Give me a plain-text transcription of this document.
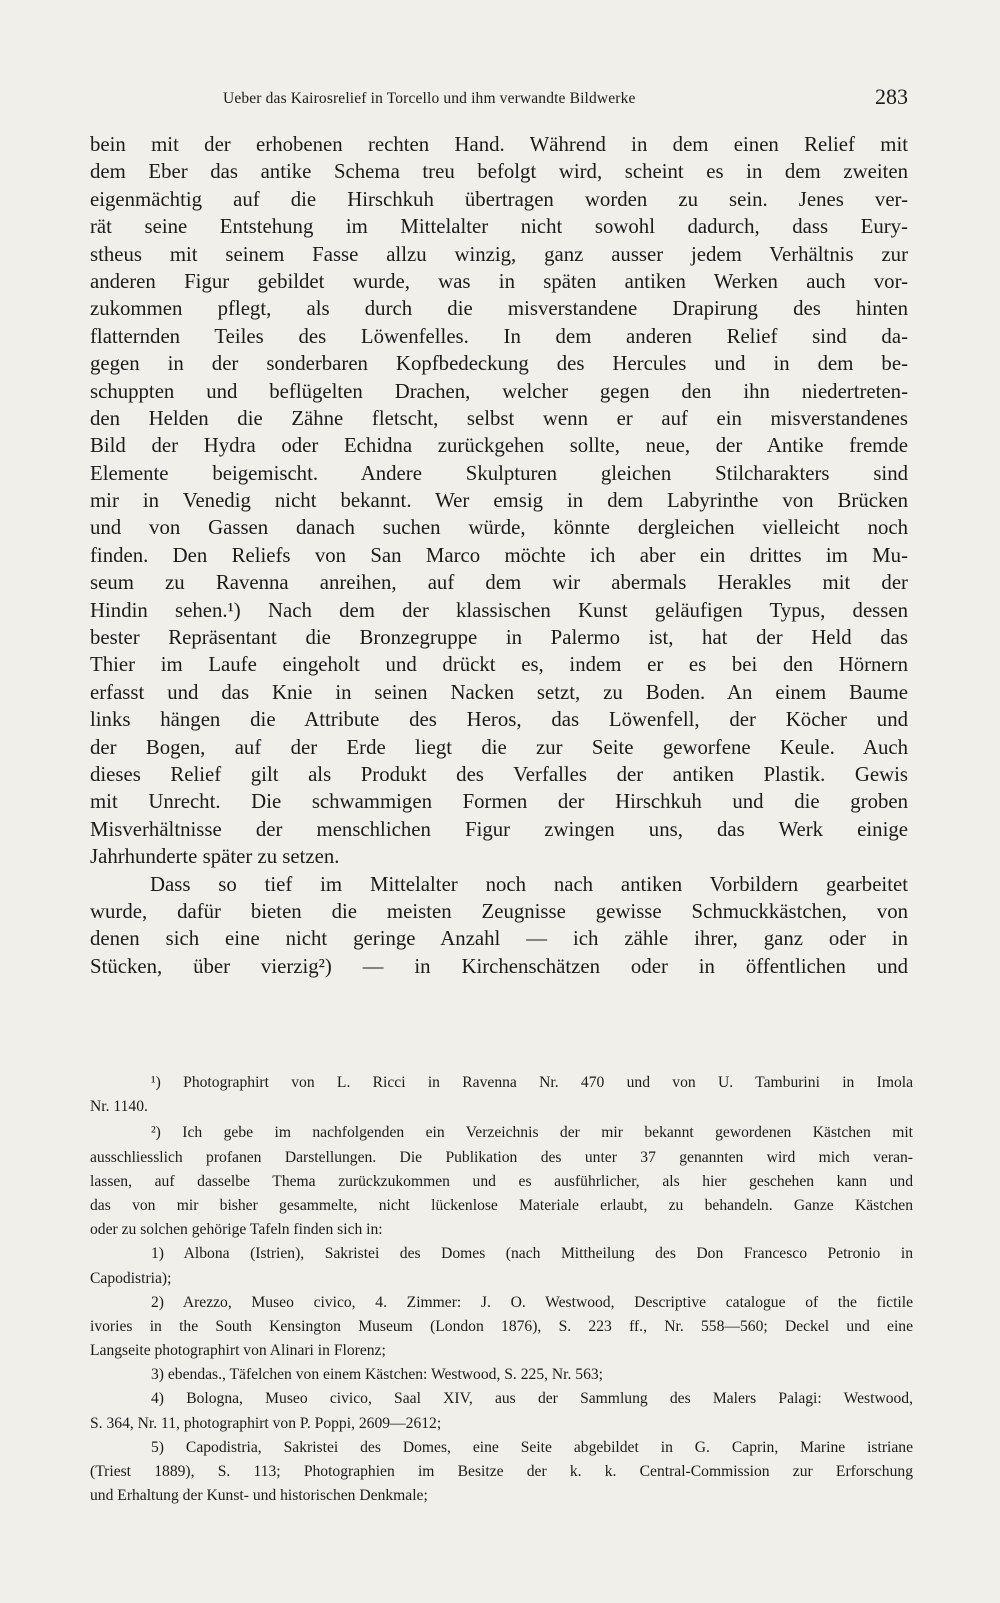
Ueber das Kairosrelief in Torcello und ihm verwandte Bildwerke	283
bein mit der erhobenen rechten Hand. Während in dem einen Relief mit
dem Eber das antike Schema treu befolgt wird, scheint es in dem zweiten
eigenmächtig auf die Hirschkuh übertragen worden zu sein. Jenes ver-
rät seine Entstehung im Mittelalter nicht sowohl dadurch, dass Eury-
stheus mit seinem Fasse allzu winzig, ganz ausser jedem Verhältnis zur
anderen Figur gebildet wurde, was in späten antiken Werken auch vor-
zukommen pflegt, als durch die misverstandene Drapirung des hinten
flatternden Teiles des Löwenfelles. In dem anderen Relief sind da-
gegen in der sonderbaren Kopfbedeckung des Hercules und in dem be-
schuppten und beflügelten Drachen, welcher gegen den ihn niedertreten-
den Helden die Zähne fletscht, selbst wenn er auf ein misverstandenes
Bild der Hydra oder Echidna zurückgehen sollte, neue, der Antike fremde
Elemente beigemischt. Andere Skulpturen gleichen Stilcharakters sind
mir in Venedig nicht bekannt. Wer emsig in dem Labyrinthe von Brücken
und von Gassen danach suchen würde, könnte dergleichen vielleicht noch
finden. Den Reliefs von San Marco möchte ich aber ein drittes im Mu-
seum zu Ravenna anreihen, auf dem wir abermals Herakles mit der
Hindin sehen.¹) Nach dem der klassischen Kunst geläufigen Typus, dessen
bester Repräsentant die Bronzegruppe in Palermo ist, hat der Held das
Thier im Laufe eingeholt und drückt es, indem er es bei den Hörnern
erfasst und das Knie in seinen Nacken setzt, zu Boden. An einem Baume
links hängen die Attribute des Heros, das Löwenfell, der Köcher und
der Bogen, auf der Erde liegt die zur Seite geworfene Keule. Auch
dieses Relief gilt als Produkt des Verfalles der antiken Plastik. Gewis
mit Unrecht. Die schwammigen Formen der Hirschkuh und die groben
Misverhältnisse der menschlichen Figur zwingen uns, das Werk einige
Jahrhunderte später zu setzen.
Dass so tief im Mittelalter noch nach antiken Vorbildern gearbeitet
wurde, dafür bieten die meisten Zeugnisse gewisse Schmuckkästchen, von
denen sich eine nicht geringe Anzahl — ich zähle ihrer, ganz oder in
Stücken, über vierzig²) — in Kirchenschätzen oder in öffentlichen und
¹) Photographirt von L. Ricci in Ravenna Nr. 470 und von U. Tamburini in Imola
Nr. 1140.
²) Ich gebe im nachfolgenden ein Verzeichnis der mir bekannt gewordenen Kästchen mit
ausschliesslich profanen Darstellungen. Die Publikation des unter 37 genannten wird mich veran-
lassen, auf dasselbe Thema zurückzukommen und es ausführlicher, als hier geschehen kann und
das von mir bisher gesammelte, nicht lückenlose Materiale erlaubt, zu behandeln. Ganze Kästchen
oder zu solchen gehörige Tafeln finden sich in:
1) Albona (Istrien), Sakristei des Domes (nach Mittheilung des Don Francesco Petronio in
Capodistria);
2) Arezzo, Museo civico, 4. Zimmer: J. O. Westwood, Descriptive catalogue of the fictile
ivories in the South Kensington Museum (London 1876), S. 223 ff., Nr. 558—560; Deckel und eine
Langseite photographirt von Alinari in Florenz;
3) ebendas., Täfelchen von einem Kästchen: Westwood, S. 225, Nr. 563;
4) Bologna, Museo civico, Saal XIV, aus der Sammlung des Malers Palagi: Westwood,
S. 364, Nr. 11, photographirt von P. Poppi, 2609—2612;
5) Capodistria, Sakristei des Domes, eine Seite abgebildet in G. Caprin, Marine istriane
(Triest 1889), S. 113; Photographien im Besitze der k. k. Central-Commission zur Erforschung
und Erhaltung der Kunst- und historischen Denkmale;
